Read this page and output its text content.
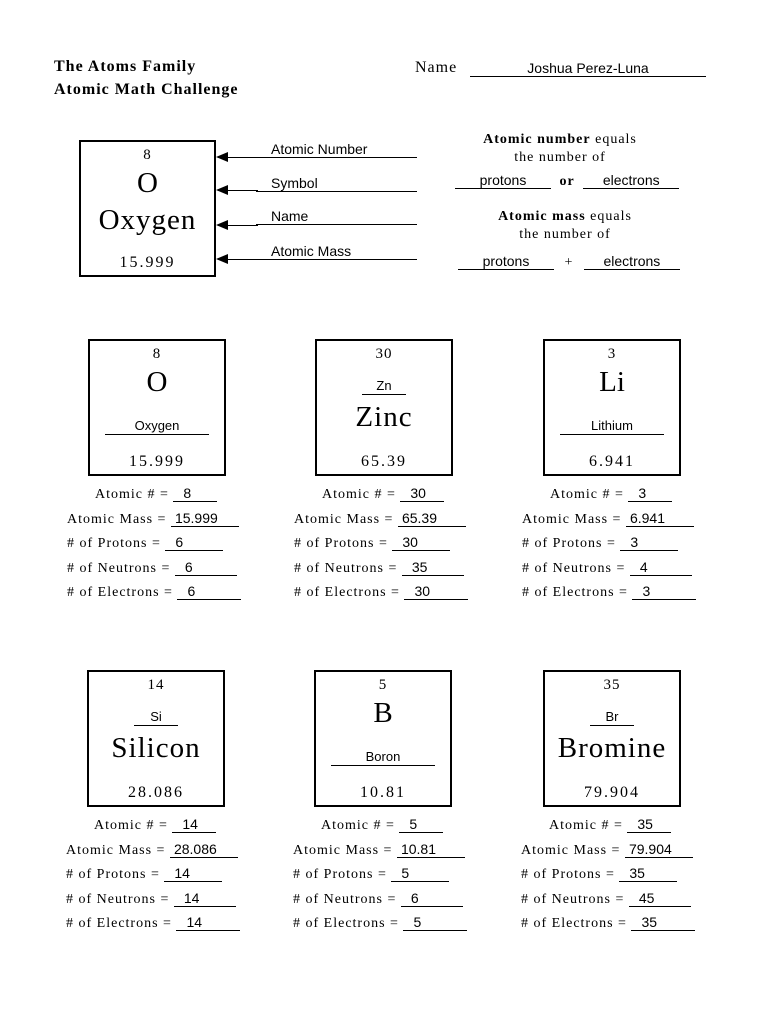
The Atoms Family
Atomic Math Challenge
Name	Joshua Perez-Luna
8
O
Oxygen
15.999
Atomic Number
Symbol
Name
Atomic Mass
Atomic number equals
the number of
protons or electrons
Atomic mass equals
the number of
protons	+ electrons
8
O
Oxygen
15.999
Atomic # = 8
Atomic Mass = 15.999
# of Protons = 6
# of Neutrons = 6
# of Electrons = 6
30
Zn
Zinc
65.39
Atomic # = 30
Atomic Mass = 65.39
# of Protons = 30
# of Neutrons = 35
# of Electrons = 30
3
Li
Lithium
6.941
Atomic # = 3
Atomic Mass = 6.941
# of Protons = 3
# of Neutrons = 4
# of Electrons = 3
14
Si
Silicon
28.086
Atomic # = 14
Atomic Mass = 28.086
# of Protons = 14
# of Neutrons = 14
# of Electrons = 14
5
B
Boron
10.81
Atomic # = 5
Atomic Mass = 10.81
# of Protons = 5
# of Neutrons = 6
# of Electrons = 5
35
Br
Bromine
79.904
Atomic # = 35
Atomic Mass = 79.904
# of Protons = 35
# of Neutrons = 45
# of Electrons = 35
